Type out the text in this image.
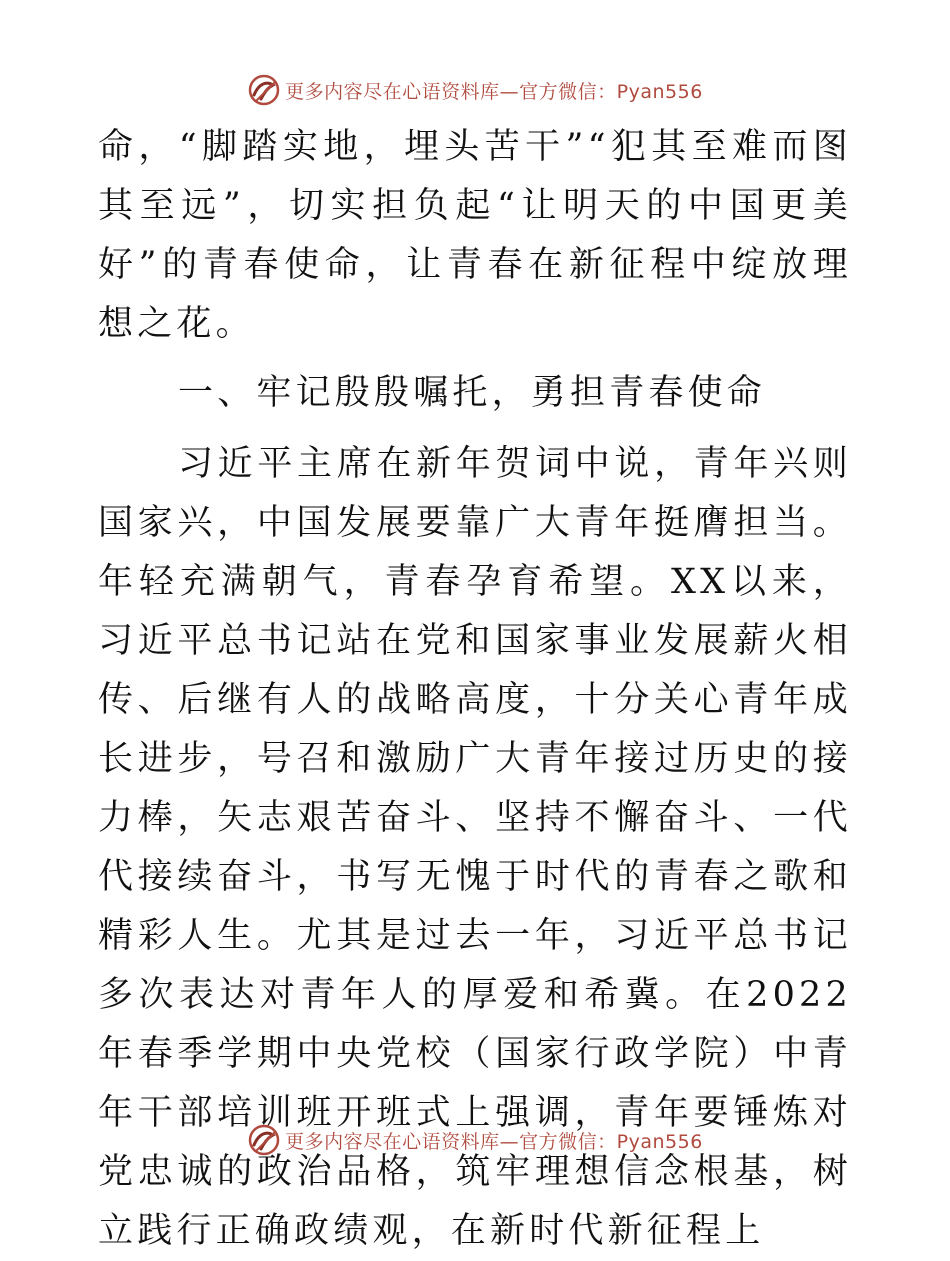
更多内容尽在心语资料库—官方微信：Pyan556

命，“脚踏实地，埋头苦干”“犯其至难而图其至远”，切实担负起“让明天的中国更美好”的青春使命，让青春在新征程中绽放理想之花。

一、牢记殷殷嘱托，勇担青春使命

习近平主席在新年贺词中说，青年兴则国家兴，中国发展要靠广大青年挺膺担当。年轻充满朝气，青春孕育希望。XX以来，习近平总书记站在党和国家事业发展薪火相传、后继有人的战略高度，十分关心青年成长进步，号召和激励广大青年接过历史的接力棒，矢志艰苦奋斗、坚持不懈奋斗、一代代接续奋斗，书写无愧于时代的青春之歌和精彩人生。尤其是过去一年，习近平总书记多次表达对青年人的厚爱和希冀。在2022年春季学期中央党校（国家行政学院）中青年干部培训班开班式上强调，青年要锤炼对党忠诚的政治品格，筑牢理想信念根基，树立践行正确政绩观，在新时代新征程上

更多内容尽在心语资料库—官方微信：Pyan556
